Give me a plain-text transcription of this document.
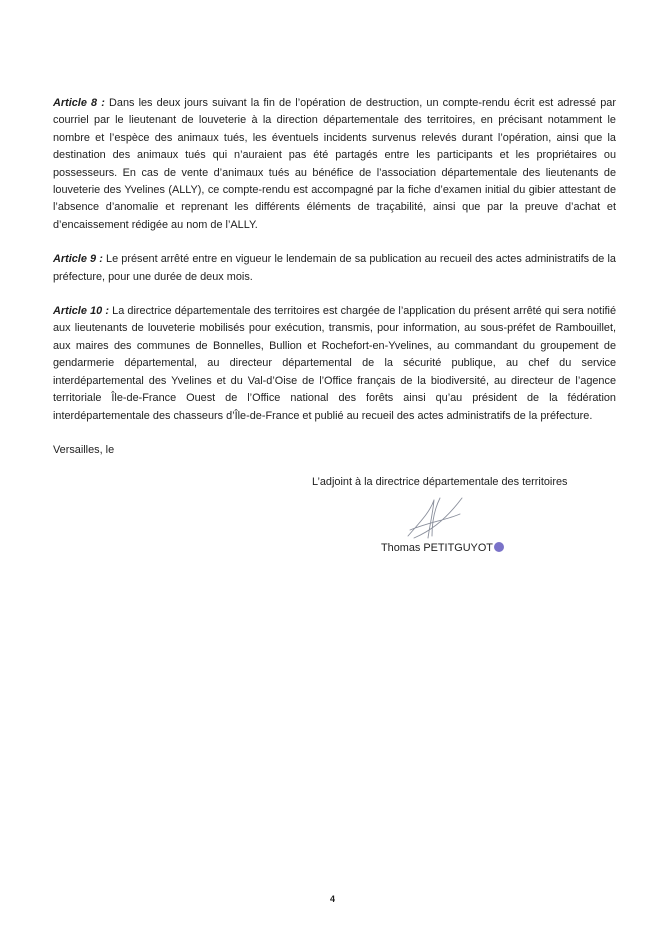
Article 8 : Dans les deux jours suivant la fin de l’opération de destruction, un compte-rendu écrit est adressé par courriel par le lieutenant de louveterie à la direction départementale des territoires, en précisant notamment le nombre et l’espèce des animaux tués, les éventuels incidents survenus relevés durant l’opération, ainsi que la destination des animaux tués qui n’auraient pas été partagés entre les participants et les propriétaires ou possesseurs. En cas de vente d’animaux tués au bénéfice de l’association départementale des lieutenants de louveterie des Yvelines (ALLY), ce compte-rendu est accompagné par la fiche d’examen initial du gibier attestant de l’absence d’anomalie et reprenant les différents éléments de traçabilité, ainsi que par la preuve d’achat et d’encaissement rédigée au nom de l’ALLY.

Article 9 : Le présent arrêté entre en vigueur le lendemain de sa publication au recueil des actes administratifs de la préfecture, pour une durée de deux mois.

Article 10 : La directrice départementale des territoires est chargée de l’application du présent arrêté qui sera notifié aux lieutenants de louveterie mobilisés pour exécution, transmis, pour information, au sous-préfet de Rambouillet, aux maires des communes de Bonnelles, Bullion et Rochefort-en-Yvelines, au commandant du groupement de gendarmerie départemental, au directeur départemental de la sécurité publique, au chef du service interdépartemental des Yvelines et du Val-d’Oise de l’Office français de la biodiversité, au directeur de l’agence territoriale Île-de-France Ouest de l’Office national des forêts ainsi qu’au président de la fédération interdépartementale des chasseurs d’Île-de-France et publié au recueil des actes administratifs de la préfecture.

Versailles, le

L’adjoint à la directrice départementale des territoires
Thomas PETITGUYOT
4
